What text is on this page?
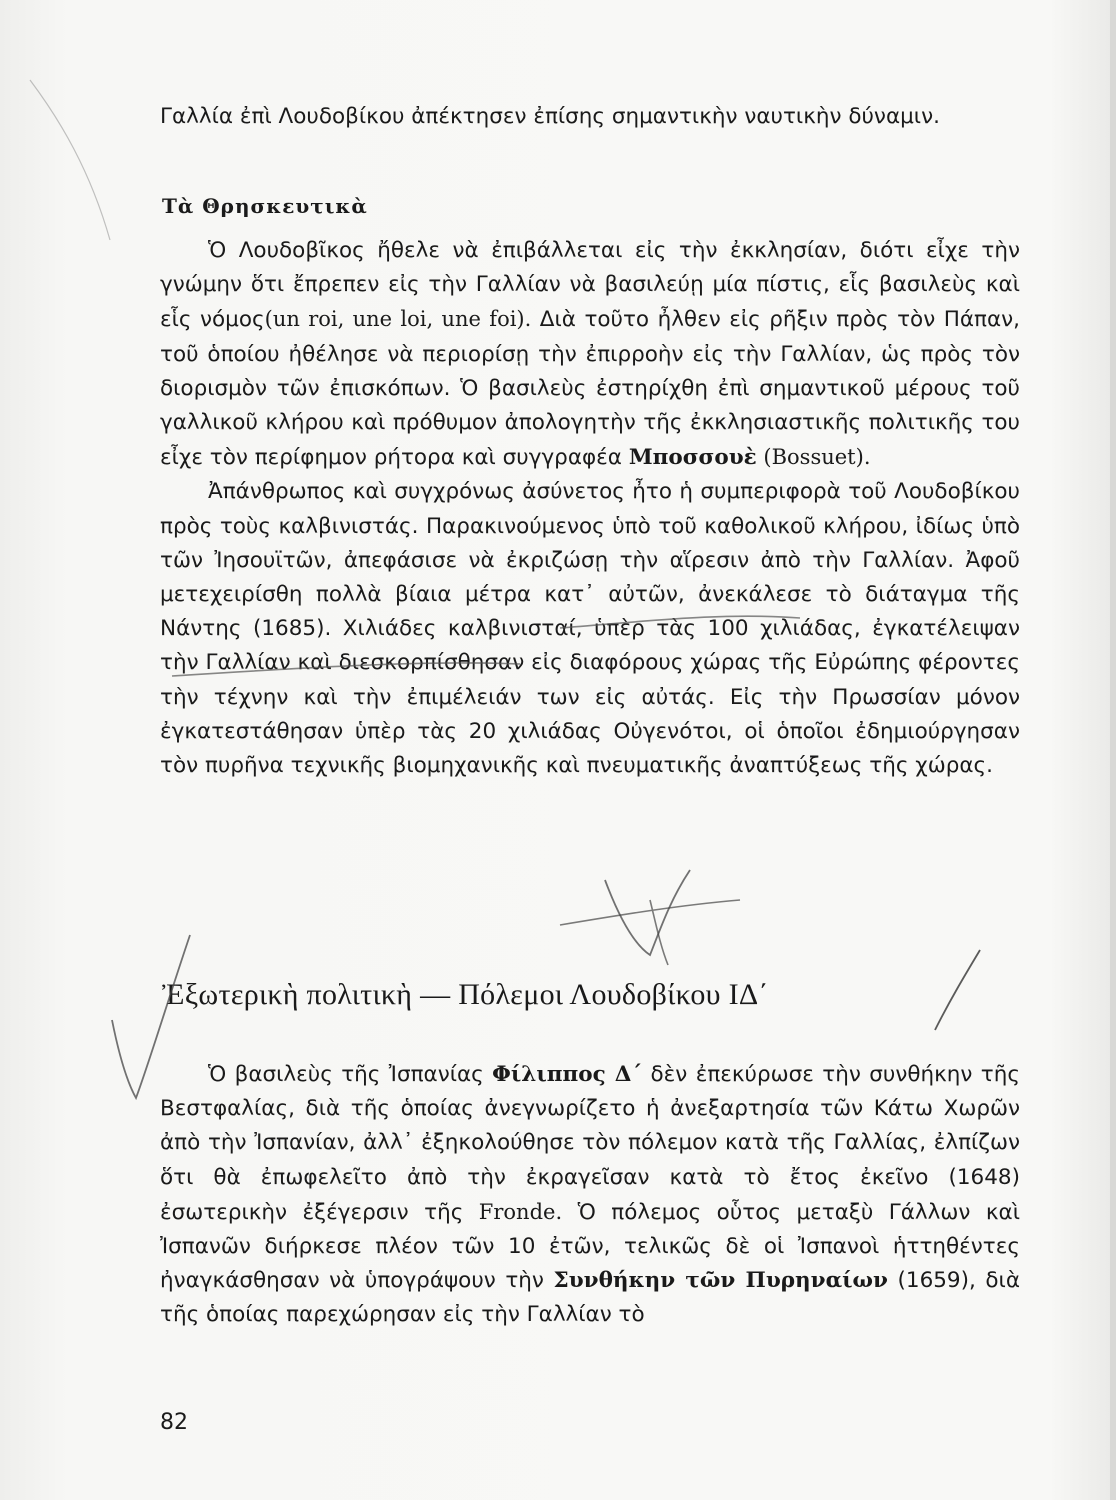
Γαλλία ἐπὶ Λουδοβίκου ἀπέκτησεν ἐπίσης σημαντικὴν ναυτικὴν δύναμιν.

Τὰ Θρησκευτικὰ

Ὁ Λουδοβῖκος ἤθελε νὰ ἐπιβάλλεται εἰς τὴν ἐκκλησίαν, διότι εἶχε τὴν γνώμην ὅτι ἔπρεπεν εἰς τὴν Γαλλίαν νὰ βασιλεύῃ μία πίστις, εἷς βασιλεὺς καὶ εἷς νόμος(un roi, une loi, une foi). Διὰ τοῦτο ἦλθεν εἰς ρῆξιν πρὸς τὸν Πάπαν, τοῦ ὁποίου ἠθέλησε νὰ περιορίσῃ τὴν ἐπιρροὴν εἰς τὴν Γαλλίαν, ὡς πρὸς τὸν διορισμὸν τῶν ἐπισκόπων. Ὁ βασιλεὺς ἐστηρίχθη ἐπὶ σημαντικοῦ μέρους τοῦ γαλλικοῦ κλήρου καὶ πρόθυμον ἀπολογητὴν τῆς ἐκκλησιαστικῆς πολιτικῆς του εἶχε τὸν περίφημον ρήτορα καὶ συγγραφέα Μποσσουὲ (Bossuet).

Ἀπάνθρωπος καὶ συγχρόνως ἀσύνετος ἦτο ἡ συμπεριφορὰ τοῦ Λουδοβίκου πρὸς τοὺς καλβινιστάς. Παρακινούμενος ὑπὸ τοῦ καθολικοῦ κλήρου, ἰδίως ὑπὸ τῶν Ἰησουϊτῶν, ἀπεφάσισε νὰ ἐκριζώσῃ τὴν αἵρεσιν ἀπὸ τὴν Γαλλίαν. Ἀφοῦ μετεχειρίσθη πολλὰ βίαια μέτρα κατ᾽ αὐτῶν, ἀνεκάλεσε τὸ διάταγμα τῆς Νάντης (1685). Χιλιάδες καλβινισταί, ὑπὲρ τὰς 100 χιλιάδας, ἐγκατέλειψαν τὴν Γαλλίαν καὶ διεσκορπίσθησαν εἰς διαφόρους χώρας τῆς Εὐρώπης φέροντες τὴν τέχνην καὶ τὴν ἐπιμέλειάν των εἰς αὐτάς. Εἰς τὴν Πρωσσίαν μόνον ἐγκατεστάθησαν ὑπὲρ τὰς 20 χιλιάδας Οὐγενότοι, οἱ ὁποῖοι ἐδημιούργησαν τὸν πυρῆνα τεχνικῆς βιομηχανικῆς καὶ πνευματικῆς ἀναπτύξεως τῆς χώρας.

Ἐξωτερικὴ πολιτικὴ — Πόλεμοι Λουδοβίκου ΙΔ΄

Ὁ βασιλεὺς τῆς Ἰσπανίας Φίλιππος Δ΄ δὲν ἐπεκύρωσε τὴν συνθήκην τῆς Βεστφαλίας, διὰ τῆς ὁποίας ἀνεγνωρίζετο ἡ ἀνεξαρτησία τῶν Κάτω Χωρῶν ἀπὸ τὴν Ἰσπανίαν, ἀλλ᾽ ἐξηκολούθησε τὸν πόλεμον κατὰ τῆς Γαλλίας, ἐλπίζων ὅτι θὰ ἐπωφελεῖτο ἀπὸ τὴν ἐκραγεῖσαν κατὰ τὸ ἔτος ἐκεῖνο (1648) ἐσωτερικὴν ἐξέγερσιν τῆς Fronde. Ὁ πόλεμος οὗτος μεταξὺ Γάλλων καὶ Ἰσπανῶν διήρκεσε πλέον τῶν 10 ἐτῶν, τελικῶς δὲ οἱ Ἰσπανοὶ ἡττηθέντες ἠναγκάσθησαν νὰ ὑπογράψουν τὴν Συνθήκην τῶν Πυρηναίων (1659), διὰ τῆς ὁποίας παρεχώρησαν εἰς τὴν Γαλλίαν τὸ

82
